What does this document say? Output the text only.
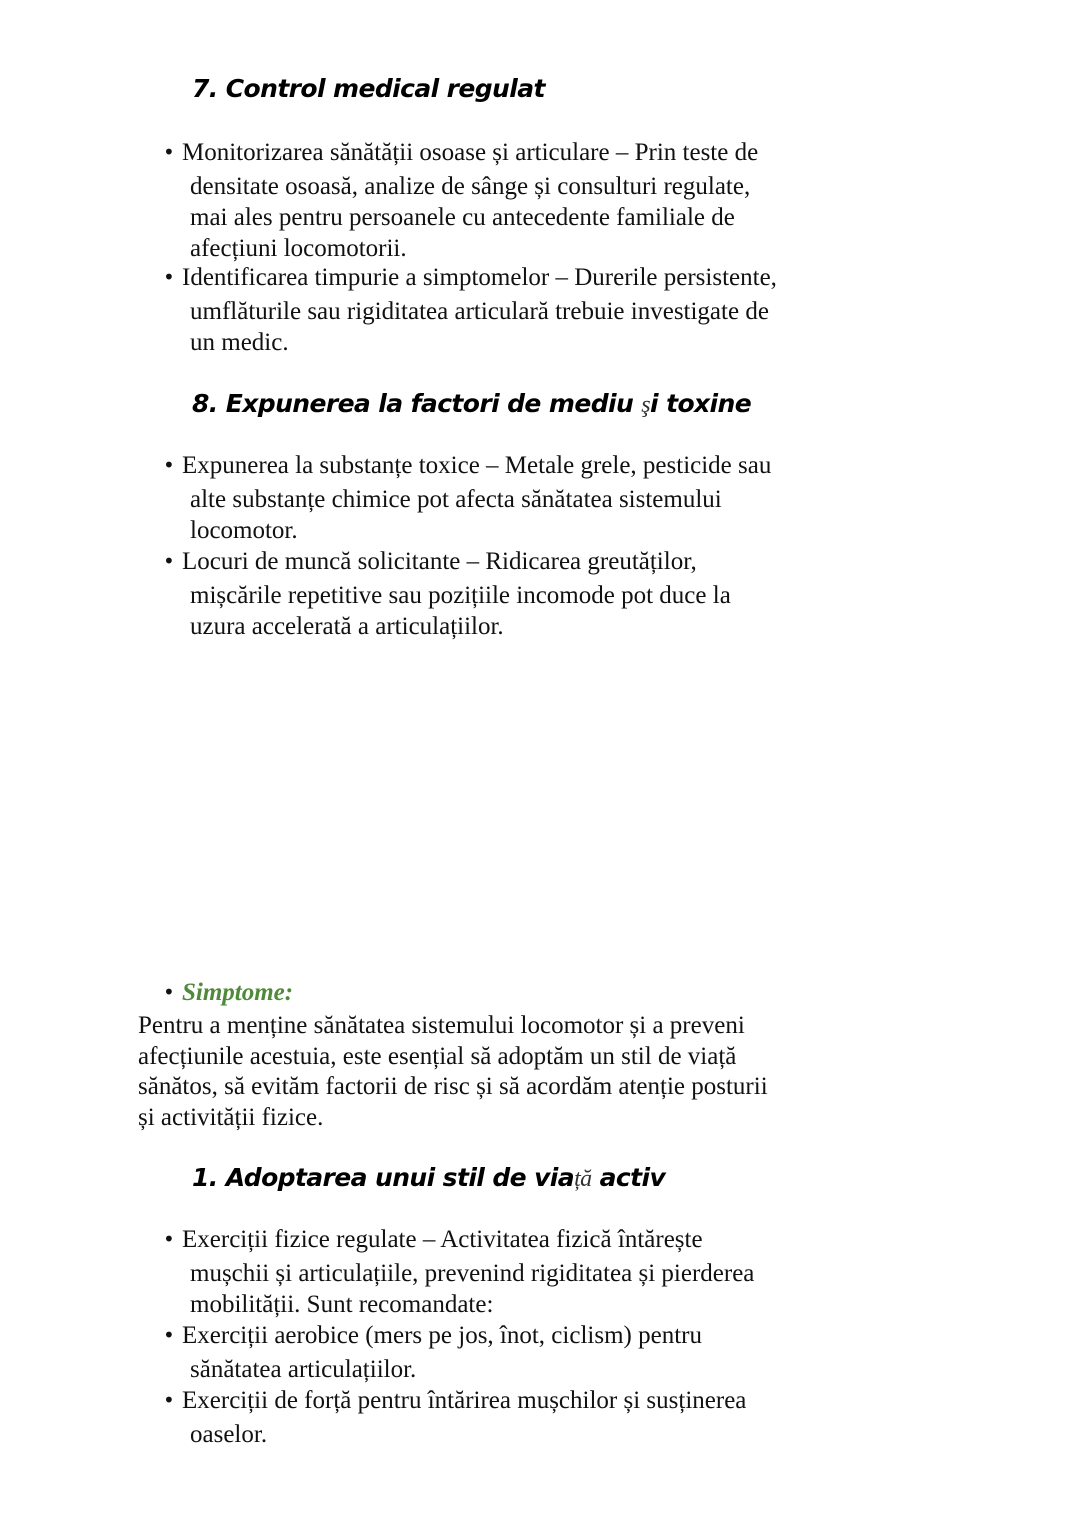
7. Control medical regulat
• Monitorizarea sănătății osoase și articulare – Prin teste de
densitate osoasă, analize de sânge și consulturi regulate,
mai ales pentru persoanele cu antecedente familiale de
afecțiuni locomotorii.
• Identificarea timpurie a simptomelor – Durerile persistente,
umflăturile sau rigiditatea articulară trebuie investigate de
un medic.
8. Expunerea la factori de mediu şi toxine
• Expunerea la substanțe toxice – Metale grele, pesticide sau
alte substanțe chimice pot afecta sănătatea sistemului
locomotor.
• Locuri de muncă solicitante – Ridicarea greutăților,
mișcările repetitive sau pozițiile incomode pot duce la
uzura accelerată a articulațiilor.
• Simptome:
Pentru a menține sănătatea sistemului locomotor și a preveni
afecțiunile acestuia, este esențial să adoptăm un stil de viață
sănătos, să evităm factorii de risc și să acordăm atenție posturii
și activității fizice.
1. Adoptarea unui stil de viață activ
• Exerciții fizice regulate – Activitatea fizică întărește
mușchii și articulațiile, prevenind rigiditatea și pierderea
mobilității. Sunt recomandate:
• Exerciții aerobice (mers pe jos, înot, ciclism) pentru
sănătatea articulațiilor.
• Exerciții de forță pentru întărirea mușchilor și susținerea
oaselor.
